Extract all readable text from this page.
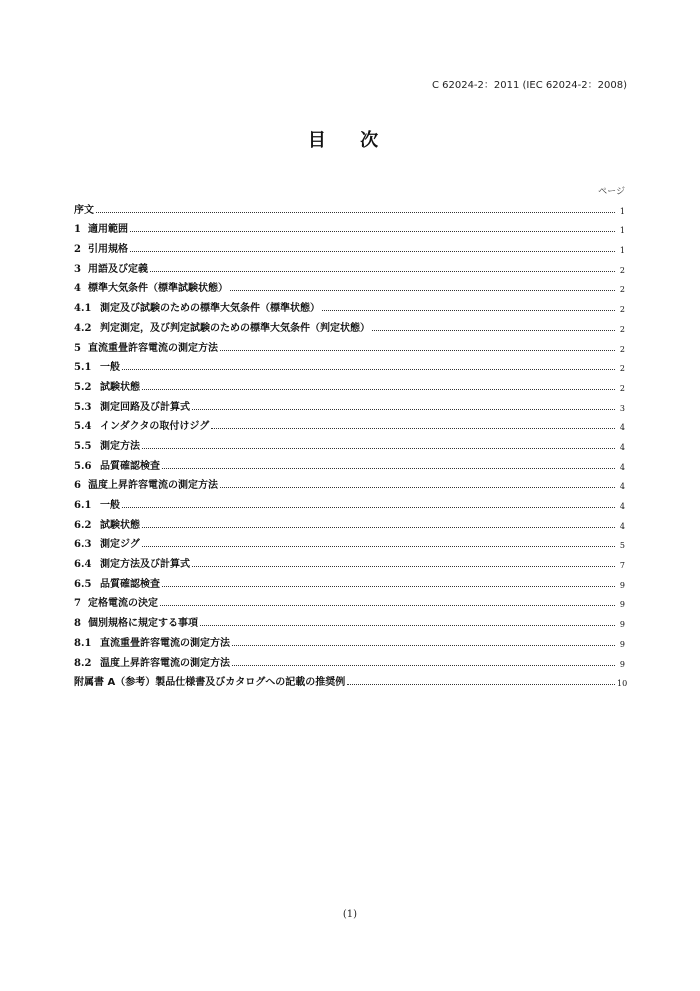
C 62024-2：2011 (IEC 62024-2：2008)
目 次
ページ
序文	1
1 適用範囲	1
2 引用規格	1
3 用語及び定義	2
4 標準大気条件（標準試験状態）	2
4.1 測定及び試験のための標準大気条件（標準状態）	2
4.2 判定測定，及び判定試験のための標準大気条件（判定状態）	2
5 直流重畳許容電流の測定方法	2
5.1 一般	2
5.2 試験状態	2
5.3 測定回路及び計算式	3
5.4 インダクタの取付けジグ	4
5.5 測定方法	4
5.6 品質確認検査	4
6 温度上昇許容電流の測定方法	4
6.1 一般	4
6.2 試験状態	4
6.3 測定ジグ	5
6.4 測定方法及び計算式	7
6.5 品質確認検査	9
7 定格電流の決定	9
8 個別規格に規定する事項	9
8.1 直流重畳許容電流の測定方法	9
8.2 温度上昇許容電流の測定方法	9
附属書 A（参考）製品仕様書及びカタログへの記載の推奨例	10
(1)
